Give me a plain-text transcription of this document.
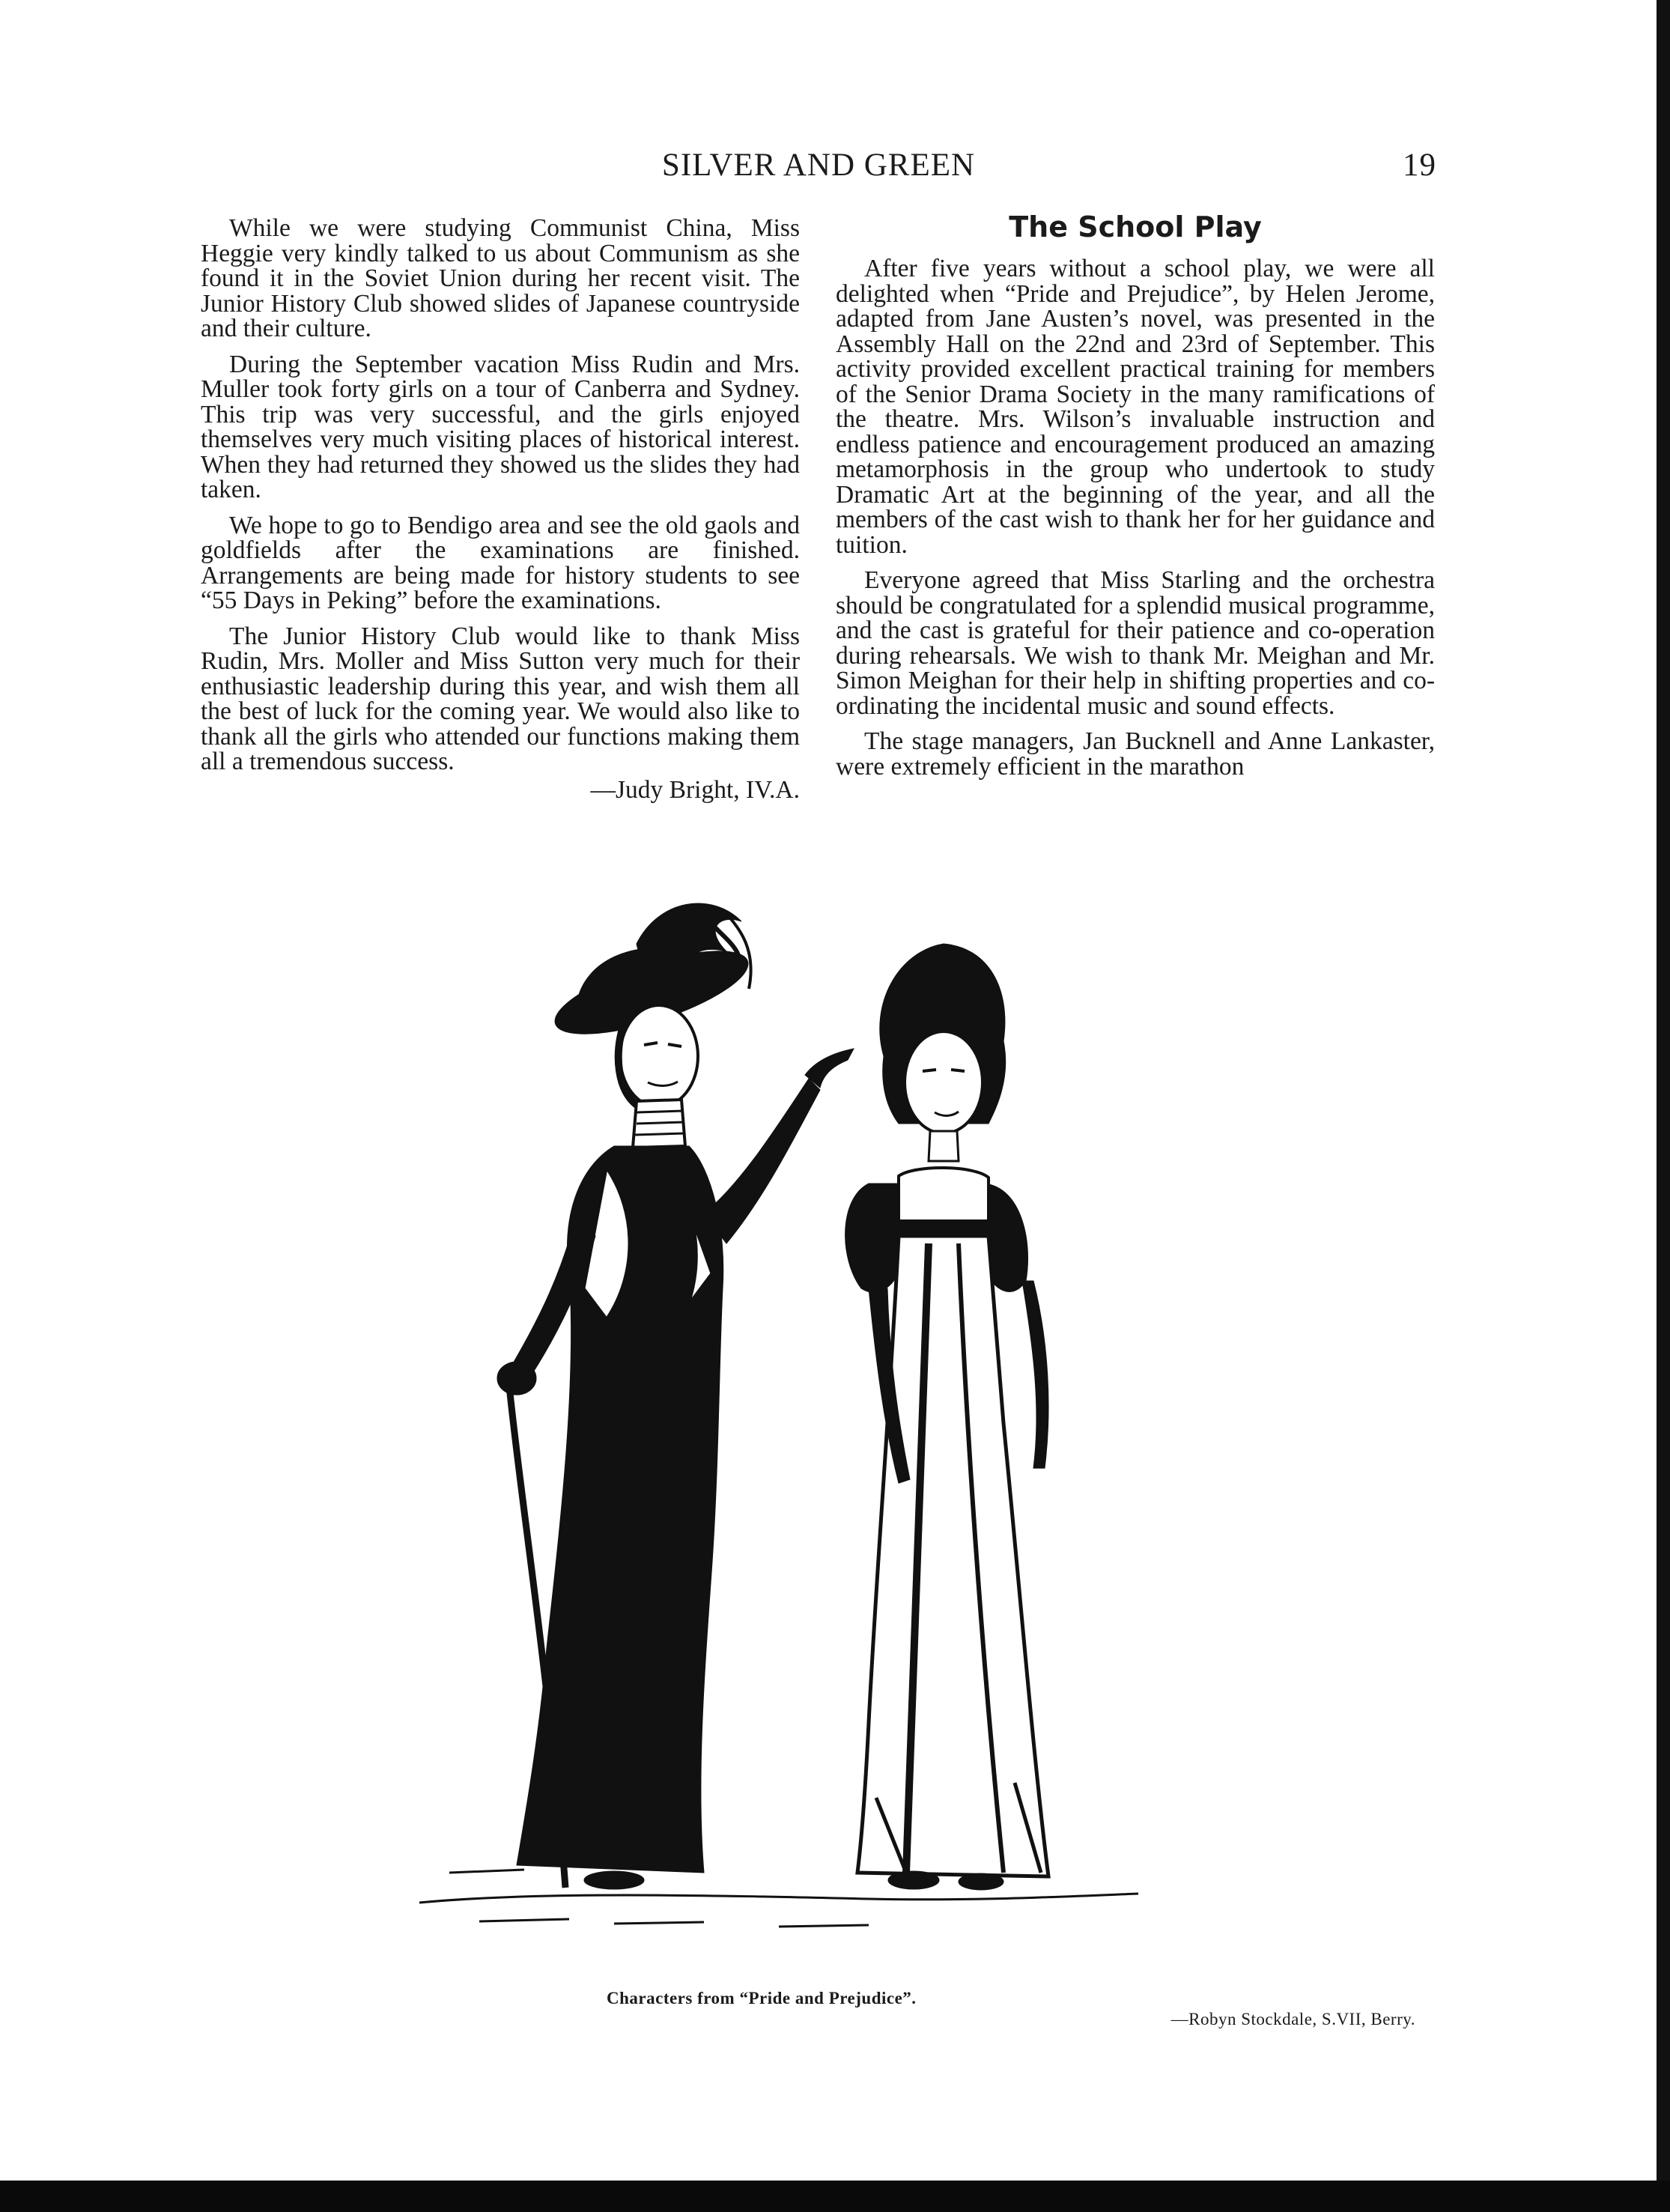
SILVER AND GREEN	19

While we were studying Communist China, Miss Heggie very kindly talked to us about Communism as she found it in the Soviet Union during her recent visit. The Junior History Club showed slides of Japanese countryside and their culture.

During the September vacation Miss Rudin and Mrs. Muller took forty girls on a tour of Canberra and Sydney. This trip was very successful, and the girls enjoyed themselves very much visiting places of historical interest. When they had returned they showed us the slides they had taken.

We hope to go to Bendigo area and see the old gaols and goldfields after the examinations are finished. Arrangements are being made for history students to see “55 Days in Peking” before the examinations.

The Junior History Club would like to thank Miss Rudin, Mrs. Moller and Miss Sutton very much for their enthusiastic leadership during this year, and wish them all the best of luck for the coming year. We would also like to thank all the girls who attended our functions making them all a tremendous success.

—Judy Bright, IV.A.
The School Play

After five years without a school play, we were all delighted when “Pride and Prejudice”, by Helen Jerome, adapted from Jane Austen’s novel, was presented in the Assembly Hall on the 22nd and 23rd of September. This activity provided excellent practical training for members of the Senior Drama Society in the many ramifications of the theatre. Mrs. Wilson’s invaluable instruction and endless patience and encouragement produced an amazing metamorphosis in the group who undertook to study Dramatic Art at the beginning of the year, and all the members of the cast wish to thank her for her guidance and tuition.

Everyone agreed that Miss Starling and the orchestra should be congratulated for a splendid musical programme, and the cast is grateful for their patience and co-operation during rehearsals. We wish to thank Mr. Meighan and Mr. Simon Meighan for their help in shifting properties and co-ordinating the incidental music and sound effects.

The stage managers, Jan Bucknell and Anne Lankaster, were extremely efficient in the marathon

Characters from “Pride and Prejudice”.
—Robyn Stockdale, S.VII, Berry.
